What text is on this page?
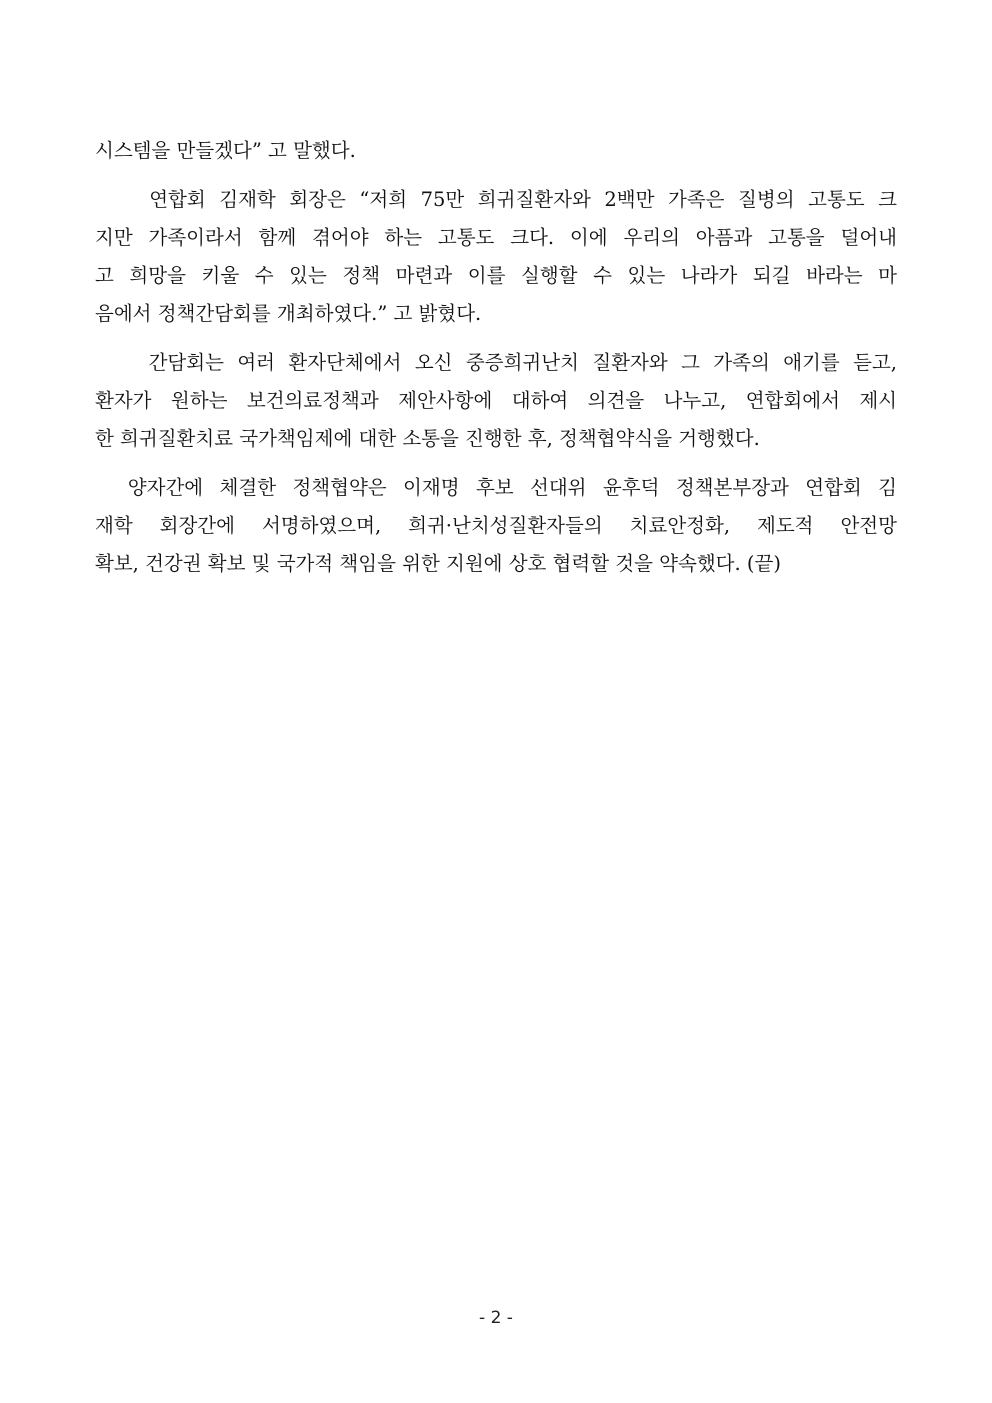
시스템을 만들겠다” 고 말했다.
연합회 김재학 회장은 “저희 75만 희귀질환자와 2백만 가족은 질병의 고통도 크
지만 가족이라서 함께 겪어야 하는 고통도 크다. 이에 우리의 아픔과 고통을 덜어내
고 희망을 키울 수 있는 정책 마련과 이를 실행할 수 있는 나라가 되길 바라는 마
음에서 정책간담회를 개최하였다.” 고 밝혔다.
간담회는 여러 환자단체에서 오신 중증희귀난치 질환자와 그 가족의 애기를 듣고,
환자가 원하는 보건의료정책과 제안사항에 대하여 의견을 나누고, 연합회에서 제시
한 희귀질환치료 국가책임제에 대한 소통을 진행한 후, 정책협약식을 거행했다.
양자간에 체결한 정책협약은 이재명 후보 선대위 윤후덕 정책본부장과 연합회 김
재학 회장간에 서명하였으며, 희귀·난치성질환자들의 치료안정화, 제도적 안전망
확보, 건강권 확보 및 국가적 책임을 위한 지원에 상호 협력할 것을 약속했다. (끝)
- 2 -
